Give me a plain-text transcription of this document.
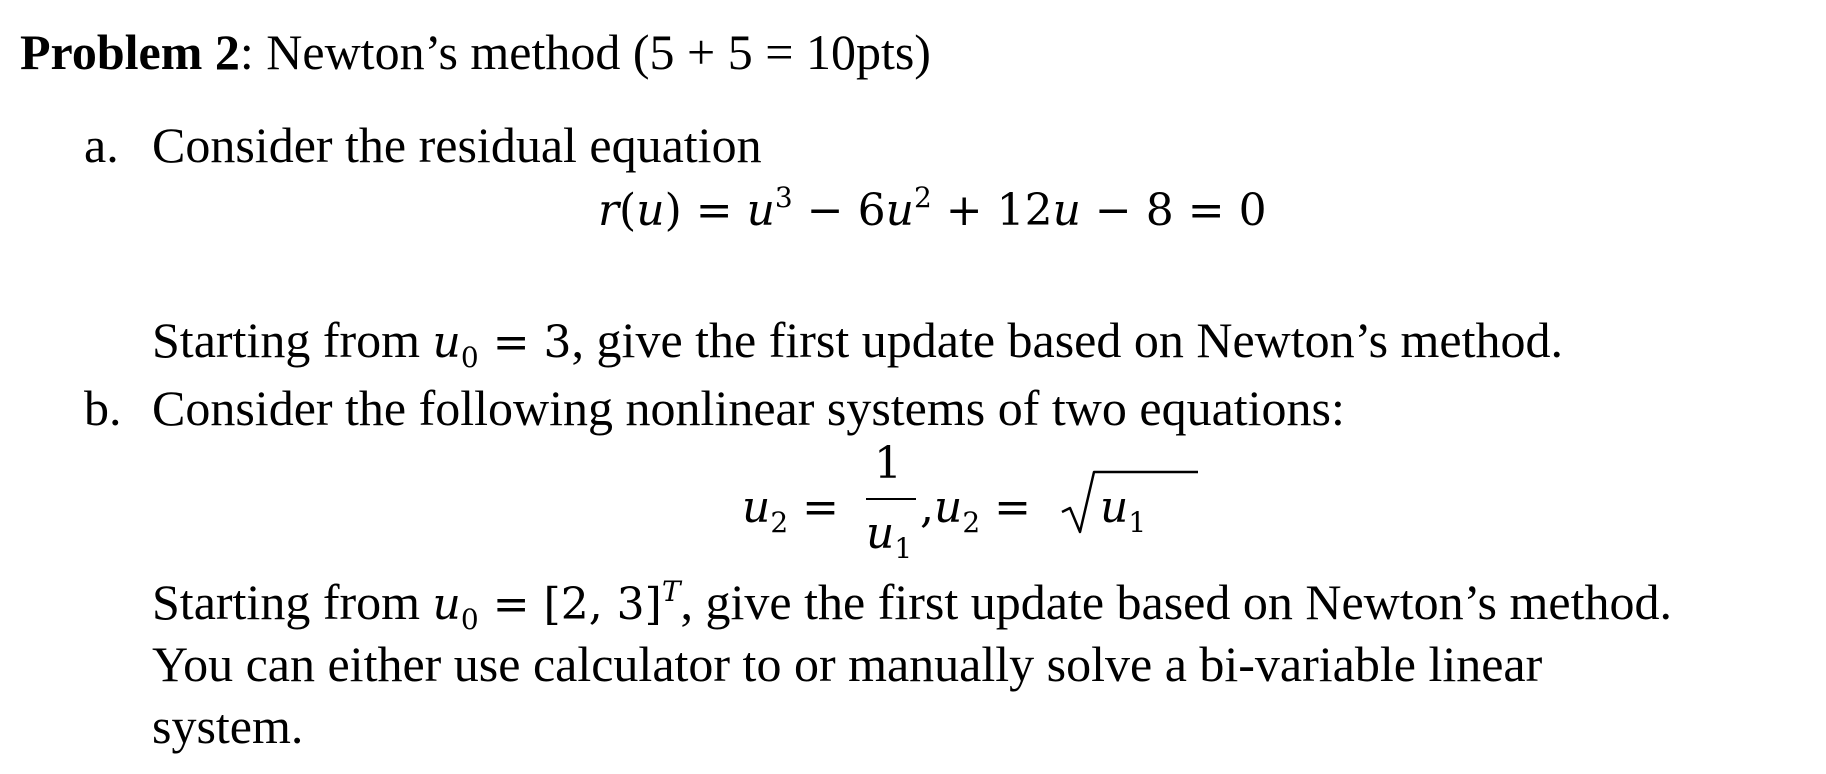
Problem 2: Newton’s method (5 + 5 = 10pts)
a. Consider the residual equation
$r(u) = u^3 - 6u^2 + 12u - 8 = 0$
Starting from $u_0 = 3$, give the first update based on Newton’s method.
b. Consider the following nonlinear systems of two equations:
$u_2$ =
1
$u_1$
$,u_2 = u_1$
Starting from $u_0 = [2$, 3]$^T$, give the first update based on Newton’s method.
You can either use calculator to or manually solve a bi-variable linear
system.
